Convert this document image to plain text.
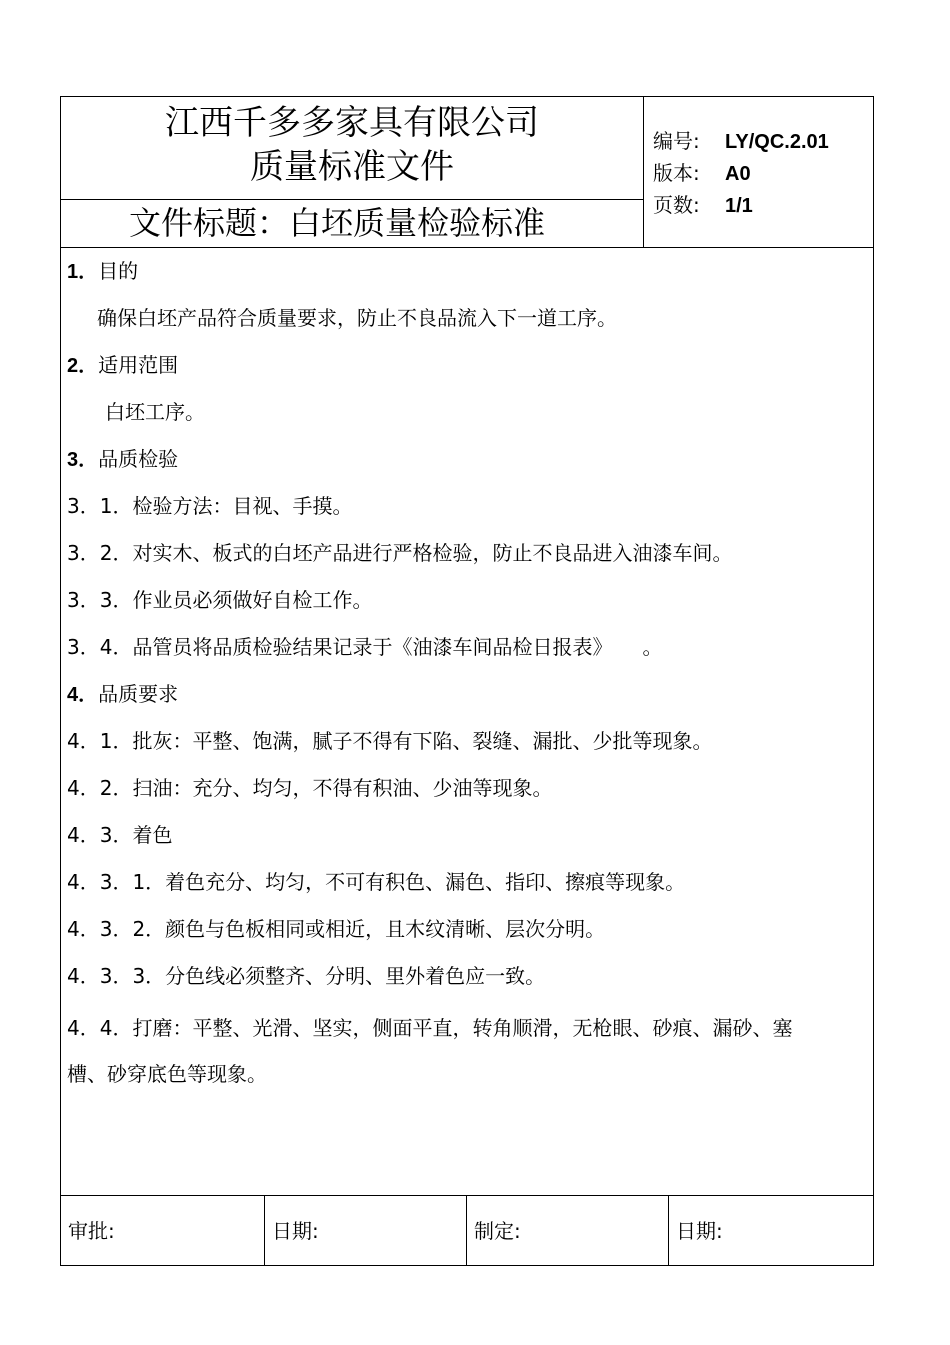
江西千多多家具有限公司
质量标准文件
文件标题：白坯质量检验标准
编号: LY/QC.2.01
版本: A0
页数: 1/1
1．目的
确保白坯产品符合质量要求，防止不良品流入下一道工序。
2．适用范围
白坯工序。
3．品质检验
3．1．检验方法：目视、手摸。
3．2．对实木、板式的白坯产品进行严格检验，防止不良品进入油漆车间。
3．3．作业员必须做好自检工作。
3．4．品管员将品质检验结果记录于《油漆车间品检日报表》　　。
4．品质要求
4．1．批灰：平整、饱满，腻子不得有下陷、裂缝、漏批、少批等现象。
4．2．扫油：充分、均匀，不得有积油、少油等现象。
4．3．着色
4．3．1．着色充分、均匀，不可有积色、漏色、指印、擦痕等现象。
4．3．2．颜色与色板相同或相近，且木纹清晰、层次分明。
4．3．3．分色线必须整齐、分明、里外着色应一致。
4．4．打磨：平整、光滑、坚实，侧面平直，转角顺滑，无枪眼、砂痕、漏砂、塞槽、砂穿底色等现象。
审批:	日期:	制定:	日期:
